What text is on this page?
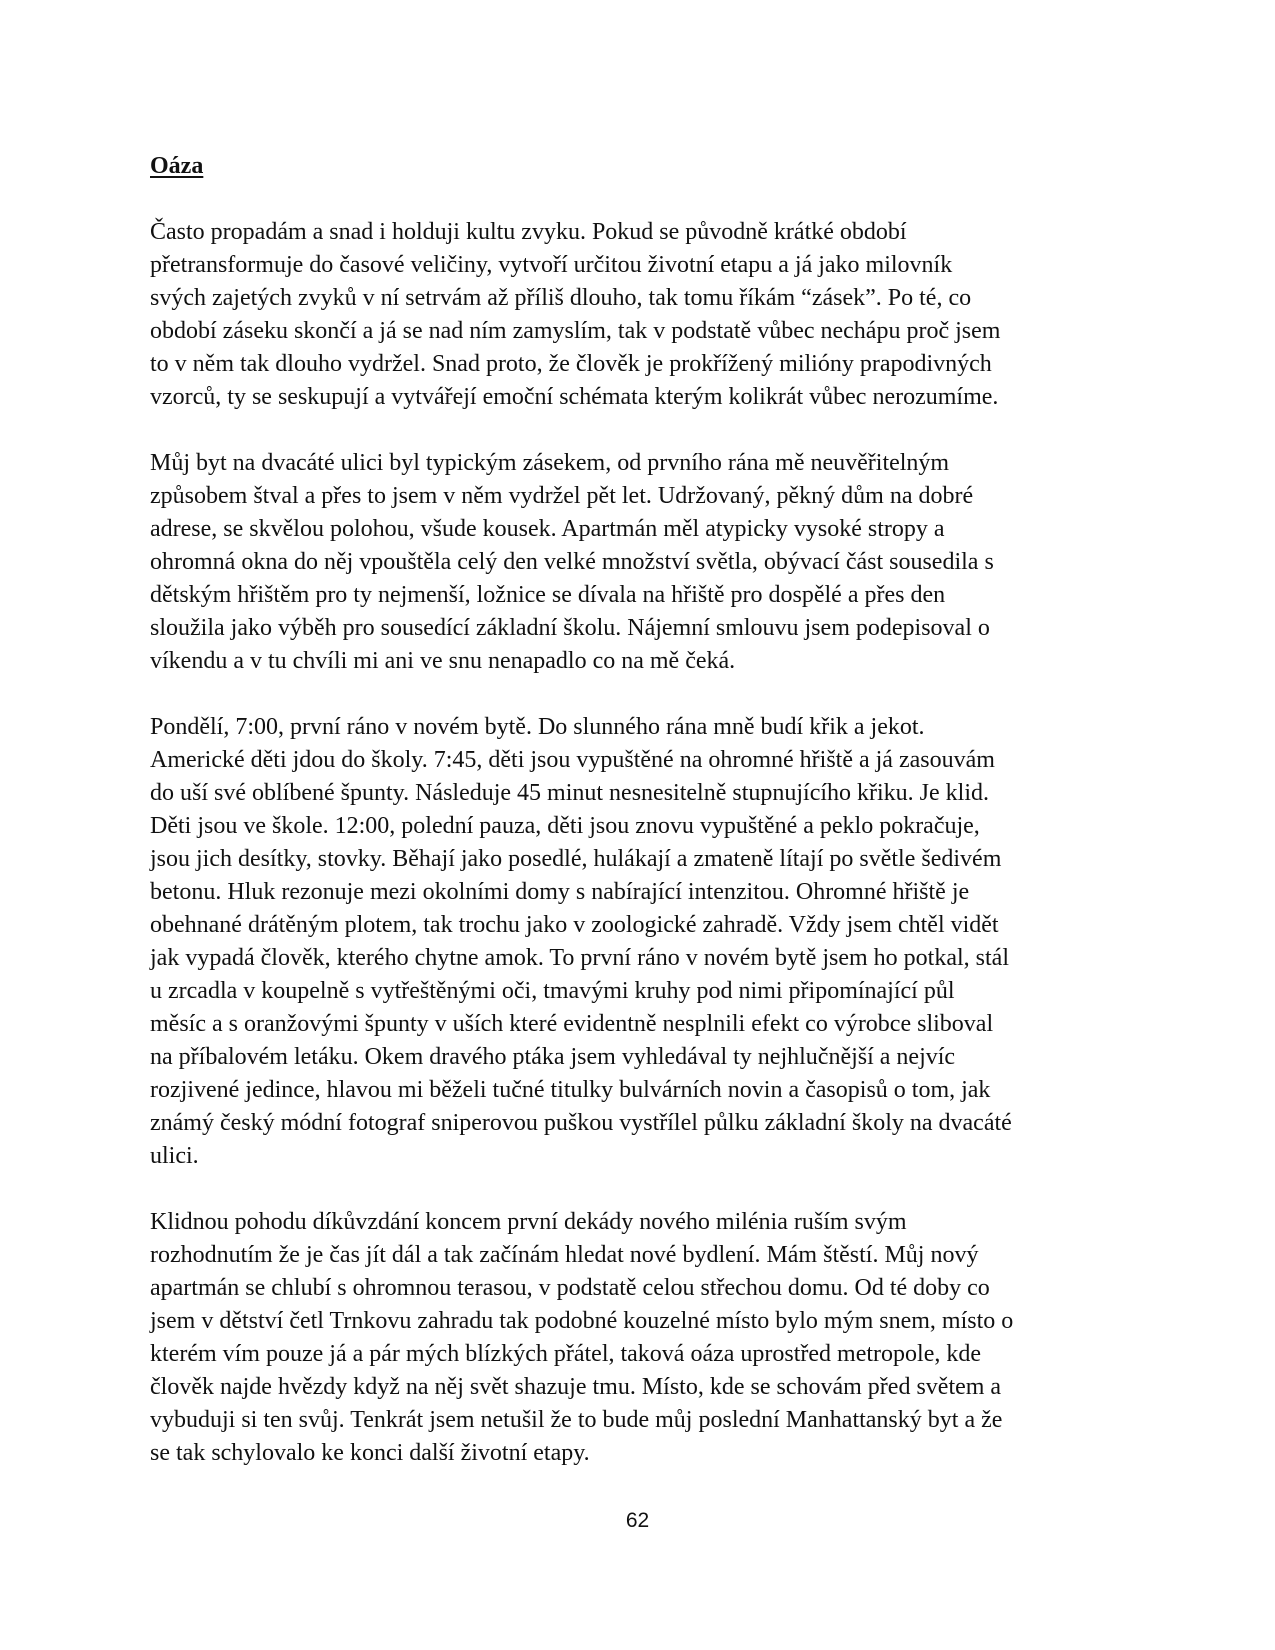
Oáza

Často propadám a snad i holduji kultu zvyku. Pokud se původně krátké období
přetransformuje do časové veličiny, vytvoří určitou životní etapu a já jako milovník
svých zajetých zvyků v ní setrvám až příliš dlouho, tak tomu říkám “zásek”. Po té, co
období záseku skončí a já se nad ním zamyslím, tak v podstatě vůbec nechápu proč jsem
to v něm tak dlouho vydržel. Snad proto, že člověk je prokřížený milióny prapodivných
vzorců, ty se seskupují a vytvářejí emoční schémata kterým kolikrát vůbec nerozumíme.

Můj byt na dvacáté ulici byl typickým zásekem, od prvního rána mě neuvěřitelným
způsobem štval a přes to jsem v něm vydržel pět let. Udržovaný, pěkný dům na dobré
adrese, se skvělou polohou, všude kousek. Apartmán měl atypicky vysoké stropy a
ohromná okna do něj vpouštěla celý den velké množství světla, obývací část sousedila s
dětským hřištěm pro ty nejmenší, ložnice se dívala na hřiště pro dospělé a přes den
sloužila jako výběh pro sousedící základní školu. Nájemní smlouvu jsem podepisoval o
víkendu a v tu chvíli mi ani ve snu nenapadlo co na mě čeká.

Pondělí, 7:00, první ráno v novém bytě. Do slunného rána mně budí křik a jekot.
Americké děti jdou do školy. 7:45, děti jsou vypuštěné na ohromné hřiště a já zasouvám
do uší své oblíbené špunty. Následuje 45 minut nesnesitelně stupnujícího křiku. Je klid.
Děti jsou ve škole. 12:00, polední pauza, děti jsou znovu vypuštěné a peklo pokračuje,
jsou jich desítky, stovky. Běhají jako posedlé, hulákají a zmateně lítají po světle šedivém
betonu. Hluk rezonuje mezi okolními domy s nabírající intenzitou. Ohromné hřiště je
obehnané drátěným plotem, tak trochu jako v zoologické zahradě. Vždy jsem chtěl vidět
jak vypadá člověk, kterého chytne amok. To první ráno v novém bytě jsem ho potkal, stál
u zrcadla v koupelně s vytřeštěnými oči, tmavými kruhy pod nimi připomínající půl
měsíc a s oranžovými špunty v uších které evidentně nesplnili efekt co výrobce sliboval
na příbalovém letáku. Okem dravého ptáka jsem vyhledával ty nejhlučnější a nejvíc
rozjivené jedince, hlavou mi běželi tučné titulky bulvárních novin a časopisů o tom, jak
známý český módní fotograf sniperovou puškou vystřílel půlku základní školy na dvacáté
ulici.

Klidnou pohodu díkůvzdání koncem první dekády nového milénia ruším svým
rozhodnutím že je čas jít dál a tak začínám hledat nové bydlení. Mám štěstí. Můj nový
apartmán se chlubí s ohromnou terasou, v podstatě celou střechou domu. Od té doby co
jsem v dětství četl Trnkovu zahradu tak podobné kouzelné místo bylo mým snem, místo o
kterém vím pouze já a pár mých blízkých přátel, taková oáza uprostřed metropole, kde
člověk najde hvězdy když na něj svět shazuje tmu. Místo, kde se schovám před světem a
vybuduji si ten svůj. Tenkrát jsem netušil že to bude můj poslední Manhattanský byt a že
se tak schylovalo ke konci další životní etapy.

62
